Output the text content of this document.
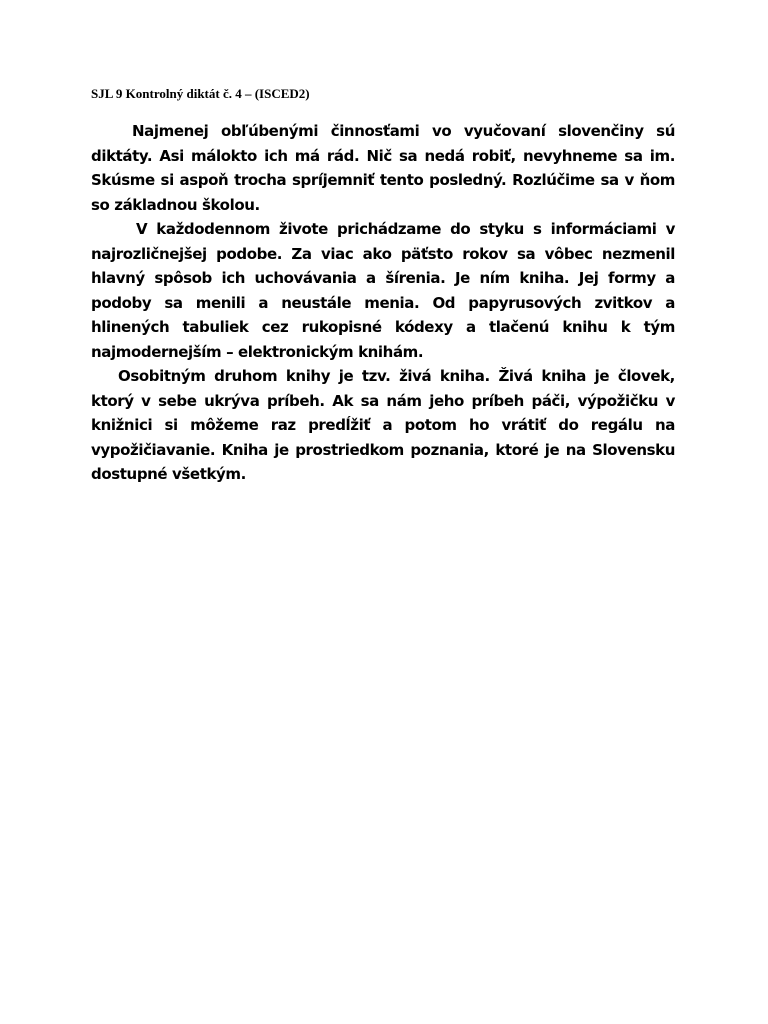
SJL 9 Kontrolný diktát č. 4 – (ISCED2)

Najmenej obľúbenými činnosťami vo vyučovaní slovenčiny sú diktáty. Asi málokto ich má rád. Nič sa nedá robiť, nevyhneme sa im. Skúsme si aspoň trocha spríjemniť tento posledný. Rozlúčime sa v ňom so základnou školou.

V každodennom živote prichádzame do styku s informáciami v najrozličnejšej podobe. Za viac ako päťsto rokov sa vôbec nezmenil hlavný spôsob ich uchovávania a šírenia. Je ním kniha. Jej formy a podoby sa menili a neustále menia. Od papyrusových zvitkov a hlinených tabuliek cez rukopisné kódexy a tlačenú knihu k tým najmodernejším – elektronickým knihám.

Osobitným druhom knihy je tzv. živá kniha. Živá kniha je človek, ktorý v sebe ukrýva príbeh. Ak sa nám jeho príbeh páči, výpožičku v knižnici si môžeme raz predĺžiť a potom ho vrátiť do regálu na vypožičiavanie. Kniha je prostriedkom poznania, ktoré je na Slovensku dostupné všetkým.
